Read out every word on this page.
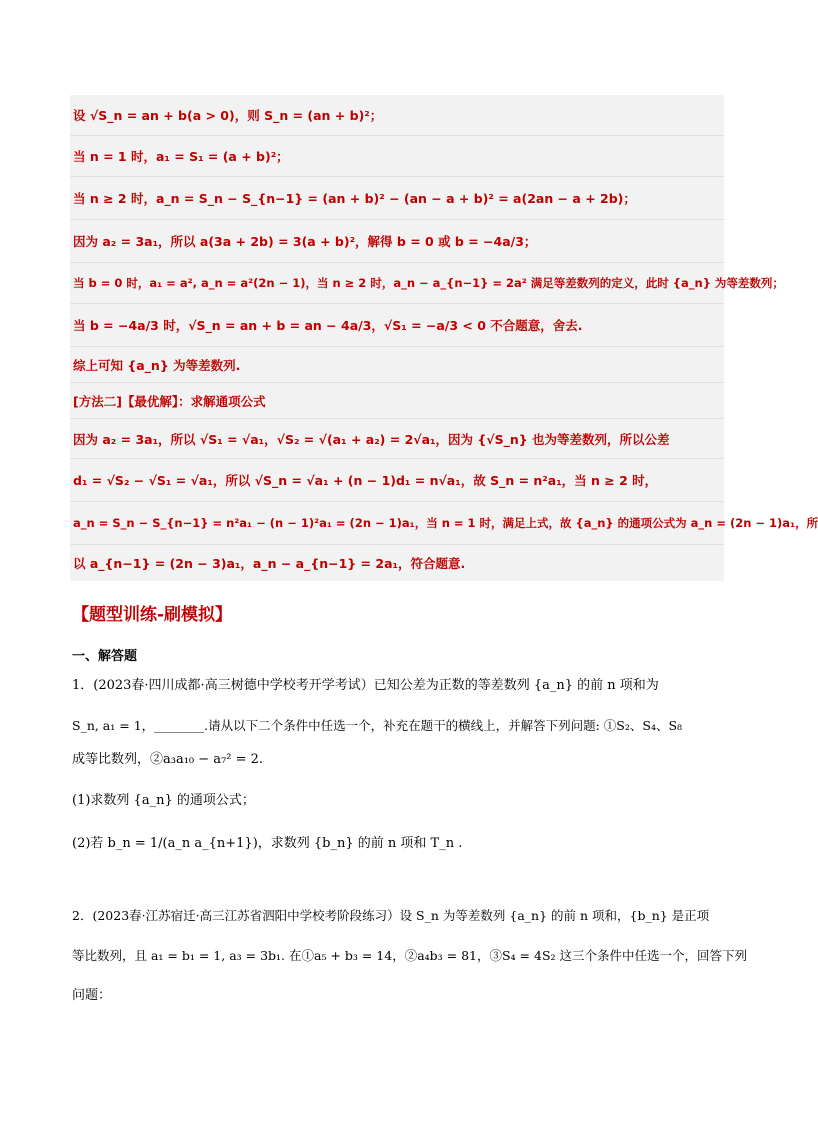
设 √S_n = an + b(a > 0)，则 S_n = (an + b)²；
当 n = 1 时，a₁ = S₁ = (a + b)²；
当 n ≥ 2 时，a_n = S_n − S_{n−1} = (an + b)² − (an − a + b)² = a(2an − a + 2b)；
因为 a₂ = 3a₁，所以 a(3a + 2b) = 3(a + b)²，解得 b = 0 或 b = −4a/3；
当 b = 0 时，a₁ = a², a_n = a²(2n − 1)，当 n ≥ 2 时，a_n − a_{n−1} = 2a² 满足等差数列的定义，此时 {a_n} 为等差数列；
当 b = −4a/3 时，√S_n = an + b = an − 4a/3，√S₁ = −a/3 < 0 不合题意，舍去.
综上可知 {a_n} 为等差数列.
[方法二]【最优解】：求解通项公式
因为 a₂ = 3a₁，所以 √S₁ = √a₁，√S₂ = √(a₁ + a₂) = 2√a₁，因为 {√S_n} 也为等差数列，所以公差
d₁ = √S₂ − √S₁ = √a₁，所以 √S_n = √a₁ + (n − 1)d₁ = n√a₁，故 S_n = n²a₁，当 n ≥ 2 时，
a_n = S_n − S_{n−1} = n²a₁ − (n − 1)²a₁ = (2n − 1)a₁，当 n = 1 时，满足上式，故 {a_n} 的通项公式为 a_n = (2n − 1)a₁，所
以 a_{n−1} = (2n − 3)a₁，a_n − a_{n−1} = 2a₁，符合题意.
【题型训练-刷模拟】
一、解答题
1．(2023春·四川成都·高三树德中学校考开学考试）已知公差为正数的等差数列 {a_n} 的前 n 项和为
S_n, a₁ = 1，________.请从以下二个条件中任选一个，补充在题干的横线上，并解答下列问题: ①S₂、S₄、S₈
成等比数列，②a₃a₁₀ − a₇² = 2.
(1)求数列 {a_n} 的通项公式；
(2)若 b_n = 1/(a_n a_{n+1})，求数列 {b_n} 的前 n 项和 T_n .
2．(2023春·江苏宿迁·高三江苏省泗阳中学校考阶段练习）设 S_n 为等差数列 {a_n} 的前 n 项和，{b_n} 是正项
等比数列，且 a₁ = b₁ = 1, a₃ = 3b₁. 在①a₅ + b₃ = 14，②a₄b₃ = 81，③S₄ = 4S₂ 这三个条件中任选一个，回答下列
问题：
